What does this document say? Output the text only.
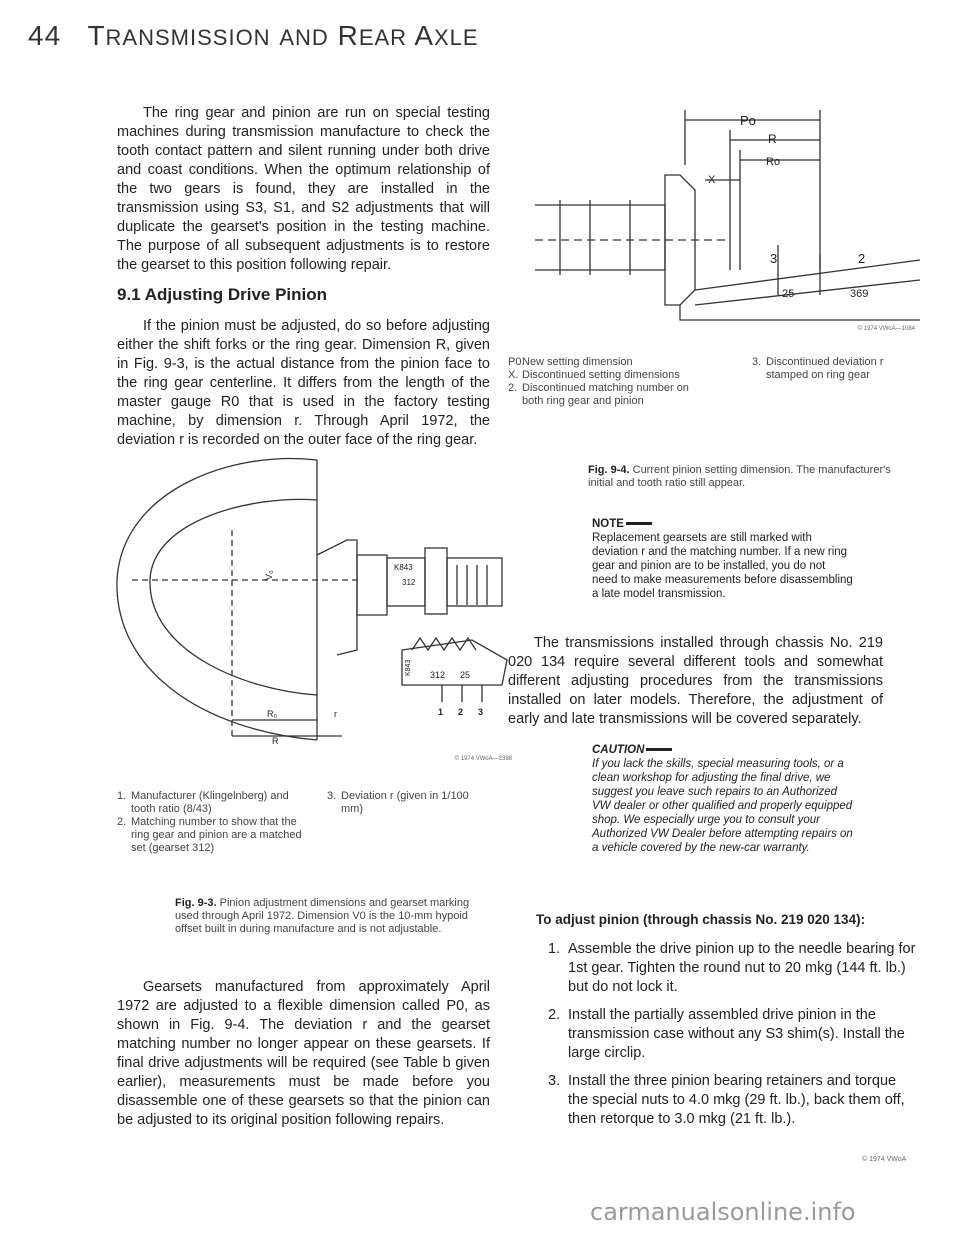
44 TRANSMISSION AND REAR AXLE

The ring gear and pinion are run on special testing machines during transmission manufacture to check the tooth contact pattern and silent running under both drive and coast conditions. When the optimum relationship of the two gears is found, they are installed in the transmission using S3, S1, and S2 adjustments that will duplicate the gearset's position in the testing machine. The purpose of all subsequent adjustments is to restore the gearset to this position following repair.

9.1 Adjusting Drive Pinion

If the pinion must be adjusted, do so before adjusting either the shift forks or the ring gear. Dimension R, given in Fig. 9-3, is the actual distance from the pinion face to the ring gear centerline. It differs from the length of the master gauge R0 that is used in the factory testing machine, by dimension r. Through April 1972, the deviation r is recorded on the outer face of the ring gear.

K843
312
K843 312 25
1 2 3
R₀
R
r
V₀
© 1974 VWoA—3398
1. Manufacturer (Klingelnberg) and tooth ratio (8/43)
2. Matching number to show that the ring gear and pinion are a matched set (gearset 312)
3. Deviation r (given in 1/100 mm)
Fig. 9-3. Pinion adjustment dimensions and gearset marking used through April 1972. Dimension V0 is the 10-mm hypoid offset built in during manufacture and is not adjustable.

Gearsets manufactured from approximately April 1972 are adjusted to a flexible dimension called P0, as shown in Fig. 9-4. The deviation r and the gearset matching number no longer appear on these gearsets. If final drive adjustments will be required (see Table b given earlier), measurements must be made before you disassemble one of these gearsets so that the pinion can be adjusted to its original position following repairs.

Po
R
Ro
X
3	2
25	369
© 1974 VWoA—1084
P0.
New setting dimension
X. Discontinued setting dimensions
2. Discontinued matching number on both ring gear and pinion
3. Discontinued deviation r stamped on ring gear
Fig. 9-4. Current pinion setting dimension. The manufacturer's initial and tooth ratio still appear.
NOTE
Replacement gearsets are still marked with deviation r and the matching number. If a new ring gear and pinion are to be installed, you do not need to make measurements before disassembling a late model transmission.

The transmissions installed through chassis No. 219 020 134 require several different tools and somewhat different adjusting procedures from the transmissions installed on later models. Therefore, the adjustment of early and late transmissions will be covered separately.

CAUTION
If you lack the skills, special measuring tools, or a clean workshop for adjusting the final drive, we suggest you leave such repairs to an Authorized VW dealer or other qualified and properly equipped shop. We especially urge you to consult your Authorized VW Dealer before attempting repairs on a vehicle covered by the new-car warranty.
To adjust pinion (through chassis No. 219 020 134):
1. Assemble the drive pinion up to the needle bearing for 1st gear. Tighten the round nut to 20 mkg (144 ft. lb.) but do not lock it.
2. Install the partially assembled drive pinion in the transmission case without any S3 shim(s). Install the large circlip.
3. Install the three pinion bearing retainers and torque the special nuts to 4.0 mkg (29 ft. lb.), back them off, then retorque to 3.0 mkg (21 ft. lb.).
© 1974 VWoA
carmanualsonline.info
